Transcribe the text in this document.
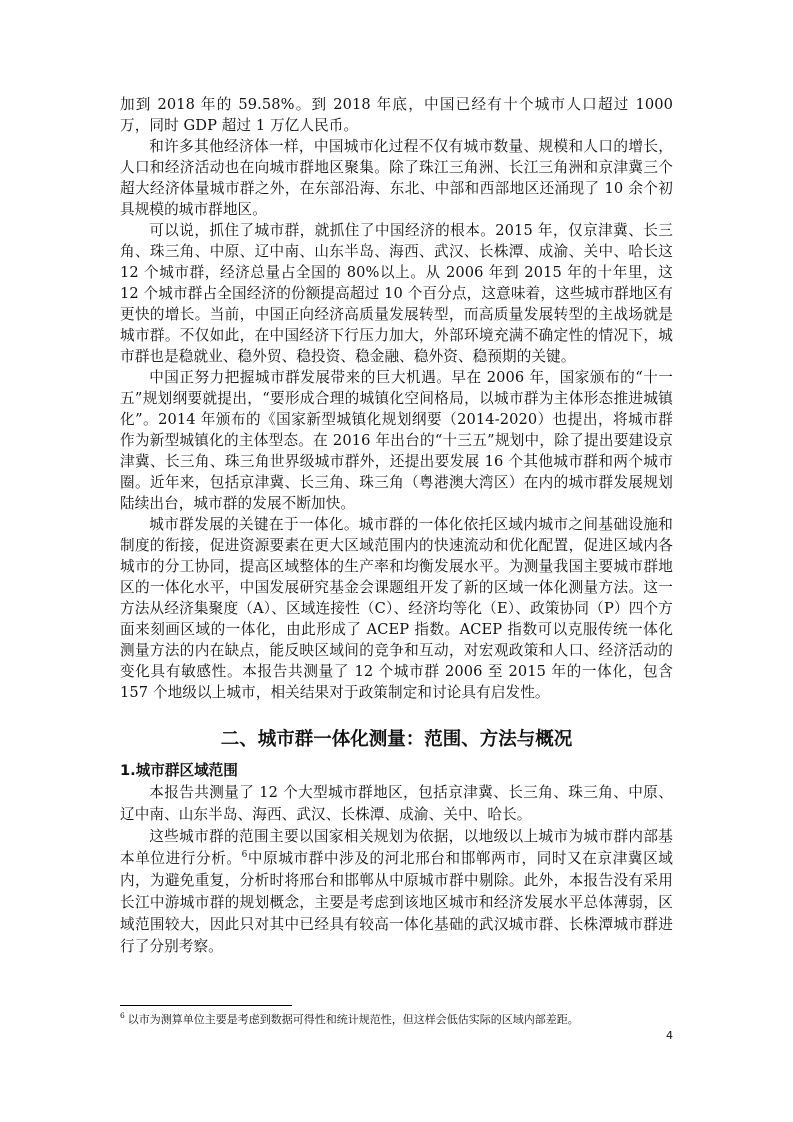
加到 2018 年的 59.58%。到 2018 年底，中国已经有十个城市人口超过 1000 万，同时 GDP 超过 1 万亿人民币。

和许多其他经济体一样，中国城市化过程不仅有城市数量、规模和人口的增长，人口和经济活动也在向城市群地区聚集。除了珠江三角洲、长江三角洲和京津冀三个超大经济体量城市群之外，在东部沿海、东北、中部和西部地区还涌现了 10 余个初具规模的城市群地区。

可以说，抓住了城市群，就抓住了中国经济的根本。2015 年，仅京津冀、长三角、珠三角、中原、辽中南、山东半岛、海西、武汉、长株潭、成渝、关中、哈长这 12 个城市群，经济总量占全国的 80%以上。从 2006 年到 2015 年的十年里，这 12 个城市群占全国经济的份额提高超过 10 个百分点，这意味着，这些城市群地区有更快的增长。当前，中国正向经济高质量发展转型，而高质量发展转型的主战场就是城市群。不仅如此，在中国经济下行压力加大，外部环境充满不确定性的情况下，城市群也是稳就业、稳外贸、稳投资、稳金融、稳外资、稳预期的关键。

中国正努力把握城市群发展带来的巨大机遇。早在 2006 年，国家颁布的“十一五”规划纲要就提出，“要形成合理的城镇化空间格局，以城市群为主体形态推进城镇化”。2014 年颁布的《国家新型城镇化规划纲要（2014-2020）也提出，将城市群作为新型城镇化的主体型态。在 2016 年出台的“十三五”规划中，除了提出要建设京津冀、长三角、珠三角世界级城市群外，还提出要发展 16 个其他城市群和两个城市圈。近年来，包括京津冀、长三角、珠三角（粤港澳大湾区）在内的城市群发展规划陆续出台，城市群的发展不断加快。

城市群发展的关键在于一体化。城市群的一体化依托区域内城市之间基础设施和制度的衔接，促进资源要素在更大区域范围内的快速流动和优化配置，促进区域内各城市的分工协同，提高区域整体的生产率和均衡发展水平。为测量我国主要城市群地区的一体化水平，中国发展研究基金会课题组开发了新的区域一体化测量方法。这一方法从经济集聚度（A）、区域连接性（C）、经济均等化（E）、政策协同（P）四个方面来刻画区域的一体化，由此形成了 ACEP 指数。ACEP 指数可以克服传统一体化测量方法的内在缺点，能反映区域间的竞争和互动，对宏观政策和人口、经济活动的变化具有敏感性。本报告共测量了 12 个城市群 2006 至 2015 年的一体化，包含 157 个地级以上城市，相关结果对于政策制定和讨论具有启发性。

二、城市群一体化测量：范围、方法与概况
1.城市群区域范围

本报告共测量了 12 个大型城市群地区，包括京津冀、长三角、珠三角、中原、辽中南、山东半岛、海西、武汉、长株潭、成渝、关中、哈长。

这些城市群的范围主要以国家相关规划为依据，以地级以上城市为城市群内部基本单位进行分析。$^6$中原城市群中涉及的河北邢台和邯郸两市，同时又在京津冀区域内，为避免重复，分析时将邢台和邯郸从中原城市群中剔除。此外，本报告没有采用长江中游城市群的规划概念，主要是考虑到该地区城市和经济发展水平总体薄弱，区域范围较大，因此只对其中已经具有较高一体化基础的武汉城市群、长株潭城市群进行了分别考察。

$^6$ 以市为测算单位主要是考虑到数据可得性和统计规范性，但这样会低估实际的区域内部差距。
4
